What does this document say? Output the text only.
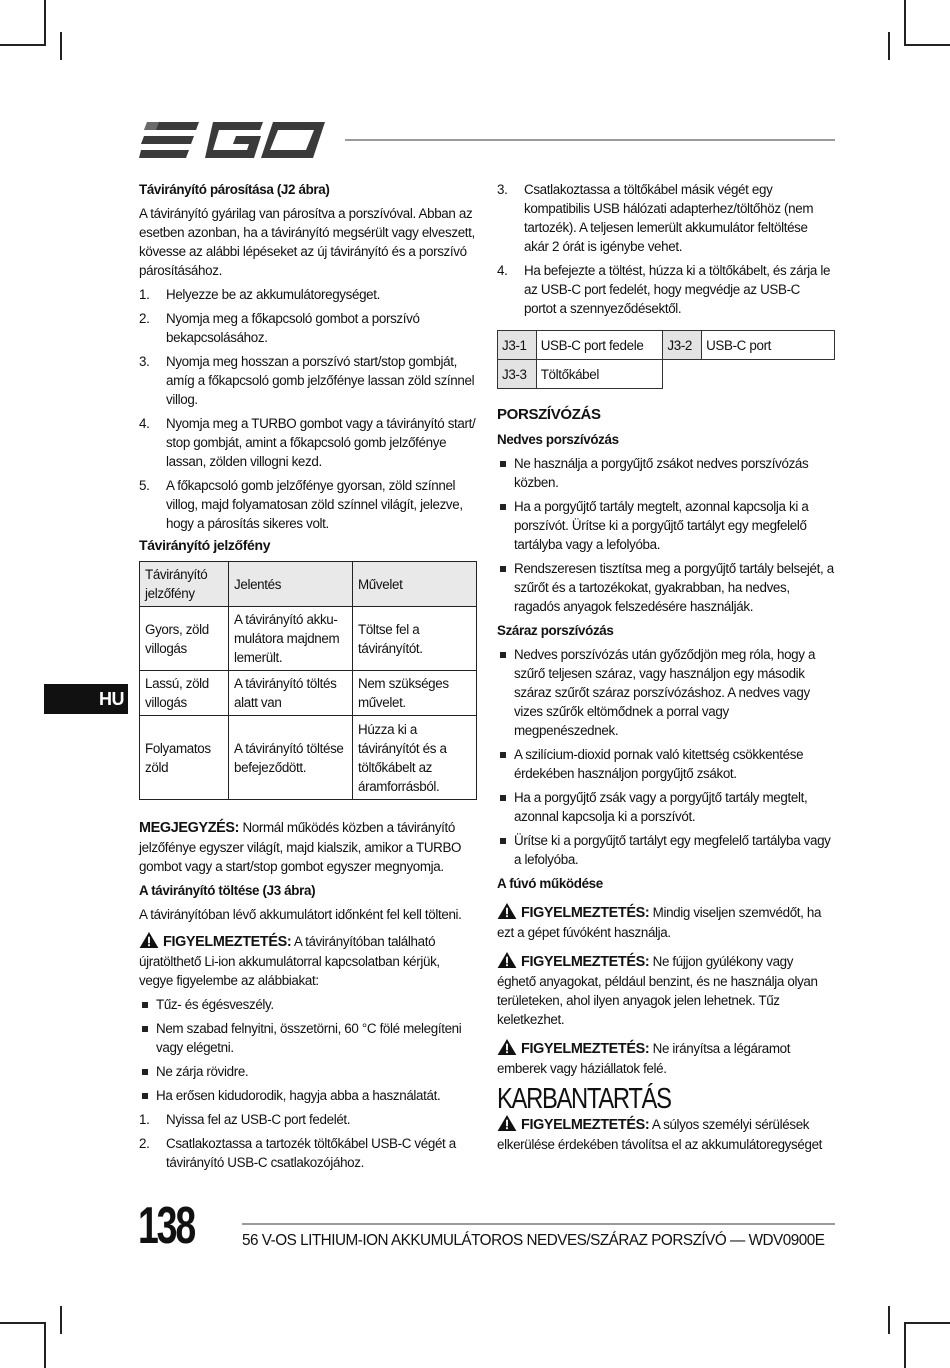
Távirányító párosítása (J2 ábra)

A távirányító gyárilag van párosítva a porszívóval. Abban az esetben azonban, ha a távirányító megsérült vagy elveszett, kövesse az alábbi lépéseket az új távirányító és a porszívó párosításához.

1. Helyezze be az akkumulátoregységet.
2. Nyomja meg a főkapcsoló gombot a porszívó bekapcsolásához.
3. Nyomja meg hosszan a porszívó start/stop gombját, amíg a főkapcsoló gomb jelzőfénye lassan zöld színnel villog.
4. Nyomja meg a TURBO gombot vagy a távirányító start/ stop gombját, amint a főkapcsoló gomb jelzőfénye lassan, zölden villogni kezd.
5. A főkapcsoló gomb jelzőfénye gyorsan, zöld színnel villog, majd folyamatosan zöld színnel világít, jelezve, hogy a párosítás sikeres volt.
Távirányító jelzőfény
Távirányító jelzőfény	Jelentés	Művelet
Gyors, zöld villogás	A távirányító akku- mulátora majdnem lemerült.	Töltse fel a távirányítót.
Lassú, zöld villogás	A távirányító töltés alatt van	Nem szükséges művelet.
Folyamatos zöld	A távirányító töltése befejeződött.	Húzza ki a távirányítót és a töltőkábelt az áramforrásból.

MEGJEGYZÉS: Normál működés közben a távirányító jelzőfénye egyszer világít, majd kialszik, amikor a TURBO gombot vagy a start/stop gombot egyszer megnyomja.

A távirányító töltése (J3 ábra)

A távirányítóban lévő akkumulátort időnként fel kell tölteni.

FIGYELMEZTETÉS: A távirányítóban található újratölthető Li-ion akkumulátorral kapcsolatban kérjük, vegye figyelembe az alábbiakat:

Tűz- és égésveszély.
Nem szabad felnyitni, összetörni, 60 °C fölé melegíteni vagy elégetni.
Ne zárja rövidre.
Ha erősen kidudorodik, hagyja abba a használatát.
1. Nyissa fel az USB-C port fedelét.
2. Csatlakoztassa a tartozék töltőkábel USB-C végét a távirányító USB-C csatlakozójához.
3. Csatlakoztassa a töltőkábel másik végét egy kompatibilis USB hálózati adapterhez/töltőhöz (nem tartozék). A teljesen lemerült akkumulátor feltöltése akár 2 órát is igénybe vehet.
4. Ha befejezte a töltést, húzza ki a töltőkábelt, és zárja le az USB-C port fedelét, hogy megvédje az USB-C portot a szennyeződésektől.
J3-1	USB-C port fedele	J3-2	USB-C port
J3-3	Töltőkábel		
PORSZÍVÓZÁS
Nedves porszívózás
Ne használja a porgyűjtő zsákot nedves porszívózás közben.
Ha a porgyűjtő tartály megtelt, azonnal kapcsolja ki a porszívót. Ürítse ki a porgyűjtő tartályt egy megfelelő tartályba vagy a lefolyóba.
Rendszeresen tisztítsa meg a porgyűjtő tartály belsejét, a szűrőt és a tartozékokat, gyakrabban, ha nedves, ragadós anyagok felszedésére használják.
Száraz porszívózás
Nedves porszívózás után győződjön meg róla, hogy a szűrő teljesen száraz, vagy használjon egy második száraz szűrőt száraz porszívózáshoz. A nedves vagy vizes szűrők eltömődnek a porral vagy megpenészednek.
A szilícium-dioxid pornak való kitettség csökkentése érdekében használjon porgyűjtő zsákot.
Ha a porgyűjtő zsák vagy a porgyűjtő tartály megtelt, azonnal kapcsolja ki a porszívót.
Ürítse ki a porgyűjtő tartályt egy megfelelő tartályba vagy a lefolyóba.
A fúvó működése

FIGYELMEZTETÉS: Mindig viseljen szemvédőt, ha ezt a gépet fúvóként használja.

FIGYELMEZTETÉS: Ne fújjon gyúlékony vagy éghető anyagokat, például benzint, és ne használja olyan területeken, ahol ilyen anyagok jelen lehetnek. Tűz keletkezhet.

FIGYELMEZTETÉS: Ne irányítsa a légáramot emberek vagy háziállatok felé.

KARBANTARTÁS

FIGYELMEZTETÉS: A súlyos személyi sérülések elkerülése érdekében távolítsa el az akkumulátoregységet

HU
138	56 V-OS LITHIUM-ION AKKUMULÁTOROS NEDVES/SZÁRAZ PORSZÍVÓ — WDV0900E
